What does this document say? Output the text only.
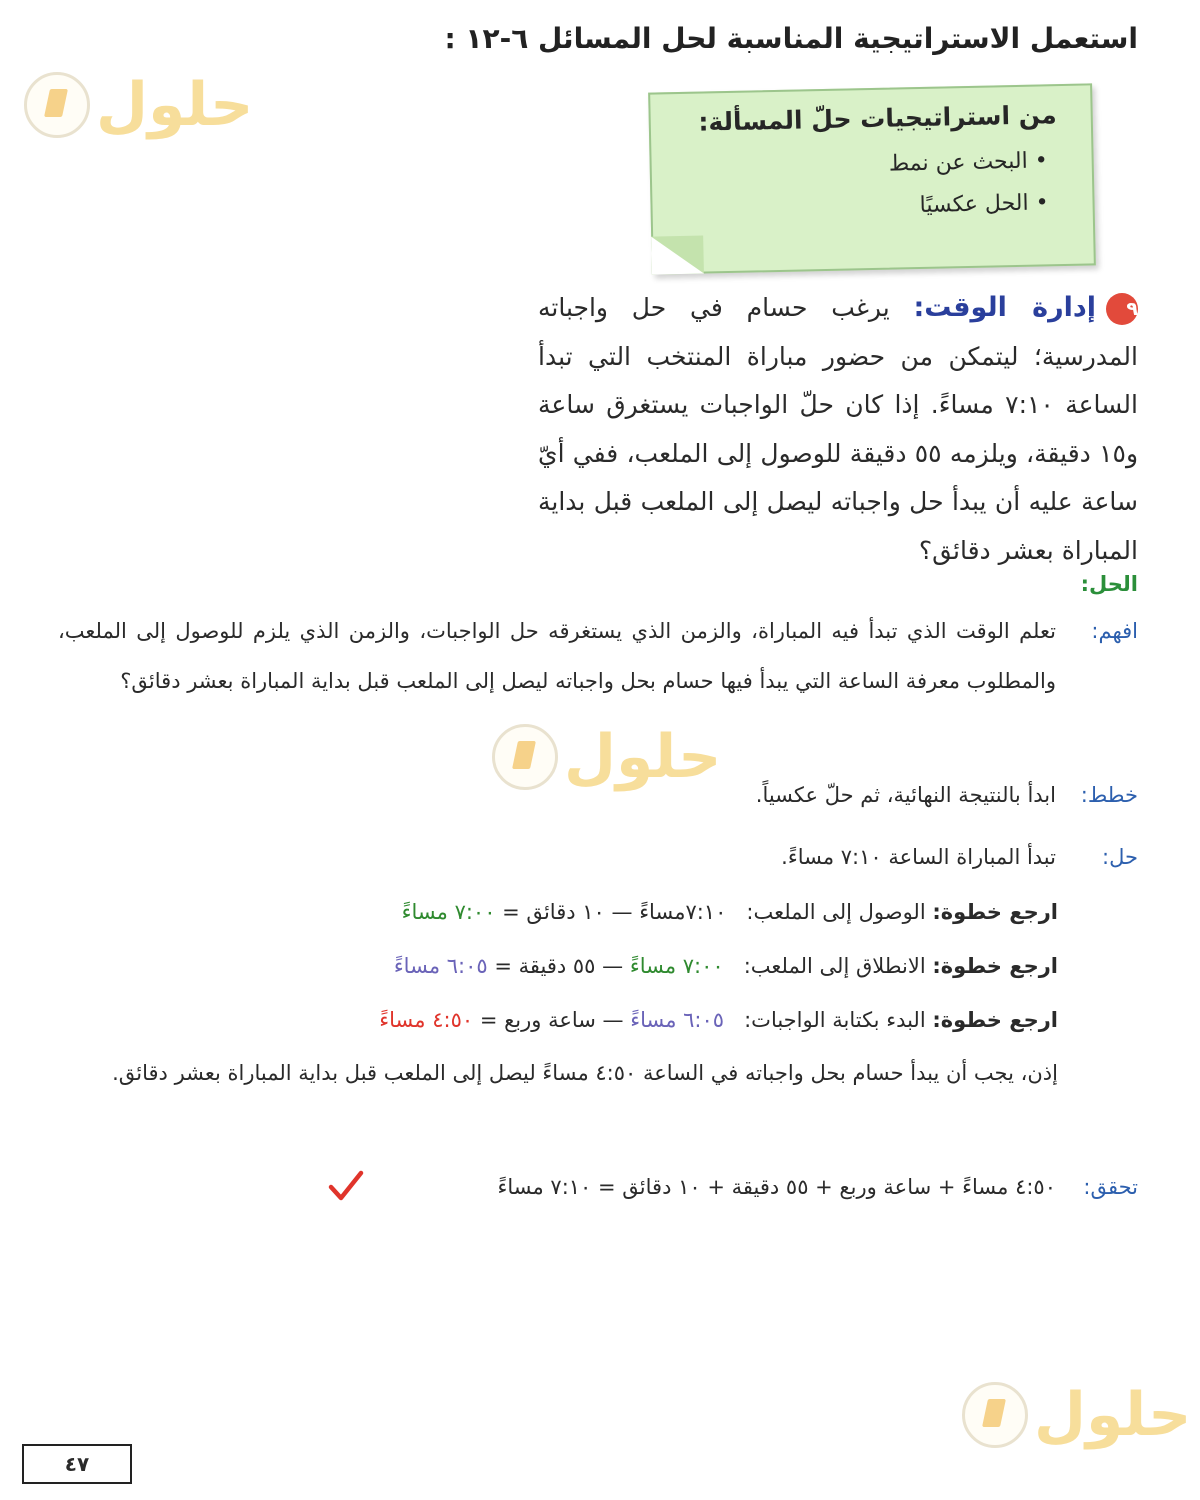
استعمل الاستراتيجية المناسبة لحل المسائل ٦-١٢ :
حلول
حلول
حلول
من استراتيجيات حلّ المسألة:
• البحث عن نمط
• الحل عكسيًا
٩إدارة الوقت: يرغب حسام في حل واجباته المدرسية؛ ليتمكن من حضور مباراة المنتخب التي تبدأ الساعة ٧:١٠ مساءً. إذا كان حلّ الواجبات يستغرق ساعة و١٥ دقيقة، ويلزمه ٥٥ دقيقة للوصول إلى الملعب، ففي أيّ ساعة عليه أن يبدأ حل واجباته ليصل إلى الملعب قبل بداية المباراة بعشر دقائق؟
الحل:
افهم:
تعلم الوقت الذي تبدأ فيه المباراة، والزمن الذي يستغرقه حل الواجبات، والزمن الذي يلزم للوصول إلى الملعب، والمطلوب معرفة الساعة التي يبدأ فيها حسام بحل واجباته ليصل إلى الملعب قبل بداية المباراة بعشر دقائق؟
خطط:
ابدأ بالنتيجة النهائية، ثم حلّ عكسياً.
حل:
تبدأ المباراة الساعة ٧:١٠ مساءً.
ارجع خطوة: الوصول إلى الملعب:   ٧:١٠مساءً — ١٠ دقائق = ٧:٠٠ مساءً
ارجع خطوة: الانطلاق إلى الملعب:   ٧:٠٠ مساءً — ٥٥ دقيقة = ٦:٠٥ مساءً
ارجع خطوة: البدء بكتابة الواجبات:   ٦:٠٥ مساءً — ساعة وربع = ٤:٥٠ مساءً
إذن، يجب أن يبدأ حسام بحل واجباته في الساعة ٤:٥٠ مساءً ليصل إلى الملعب قبل بداية المباراة بعشر دقائق.
تحقق:
٤:٥٠ مساءً + ساعة وربع + ٥٥ دقيقة + ١٠ دقائق = ٧:١٠ مساءً
٤٧
